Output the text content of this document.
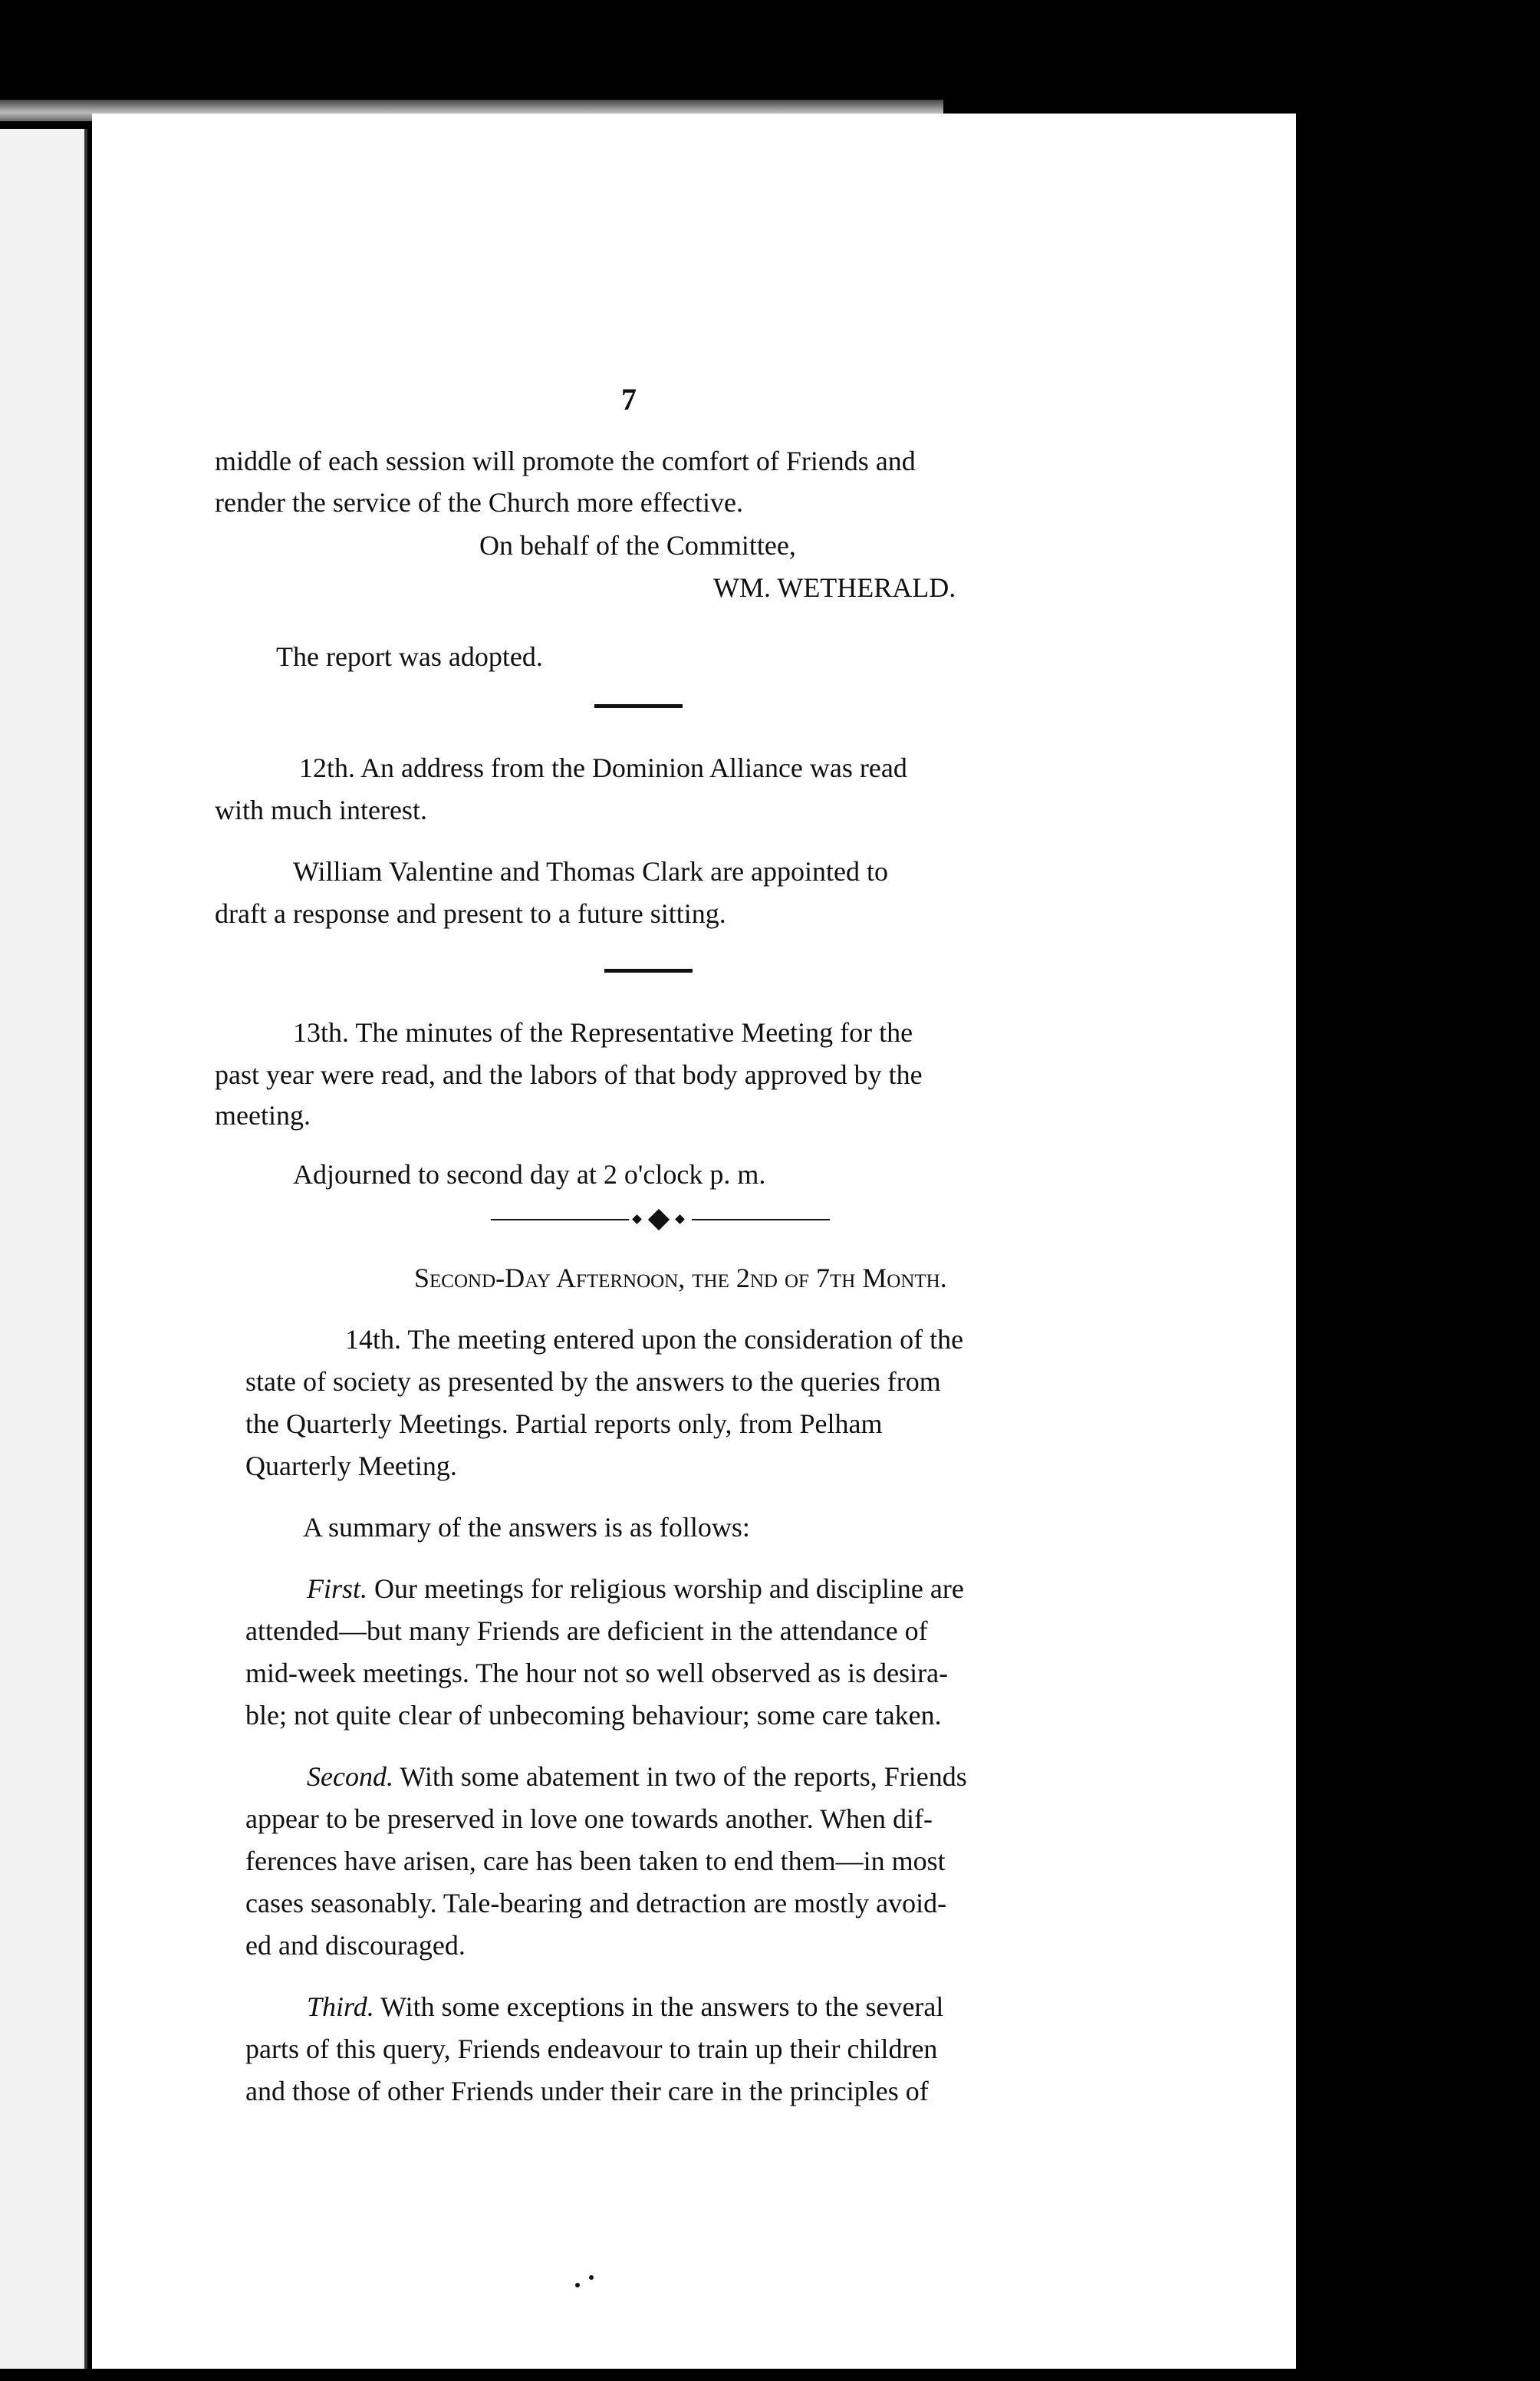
7
middle of each session will promote the comfort of Friends and
render the service of the Church more effective.
On behalf of the Committee,
WM. WETHERALD.
The report was adopted.
12th. An address from the Dominion Alliance was read
with much interest.
William Valentine and Thomas Clark are appointed to
draft a response and present to a future sitting.
13th. The minutes of the Representative Meeting for the
past year were read, and the labors of that body approved by the
meeting.
Adjourned to second day at 2 o'clock p. m.
Second-Day Afternoon, the 2nd of 7th Month.
14th. The meeting entered upon the consideration of the
state of society as presented by the answers to the queries from
the Quarterly Meetings. Partial reports only, from Pelham
Quarterly Meeting.
A summary of the answers is as follows:
First. Our meetings for religious worship and discipline are
attended—but many Friends are deficient in the attendance of
mid-week meetings. The hour not so well observed as is desira-
ble; not quite clear of unbecoming behaviour; some care taken.
Second. With some abatement in two of the reports, Friends
appear to be preserved in love one towards another. When dif-
ferences have arisen, care has been taken to end them—in most
cases seasonably. Tale-bearing and detraction are mostly avoid-
ed and discouraged.
Third. With some exceptions in the answers to the several
parts of this query, Friends endeavour to train up their children
and those of other Friends under their care in the principles of
